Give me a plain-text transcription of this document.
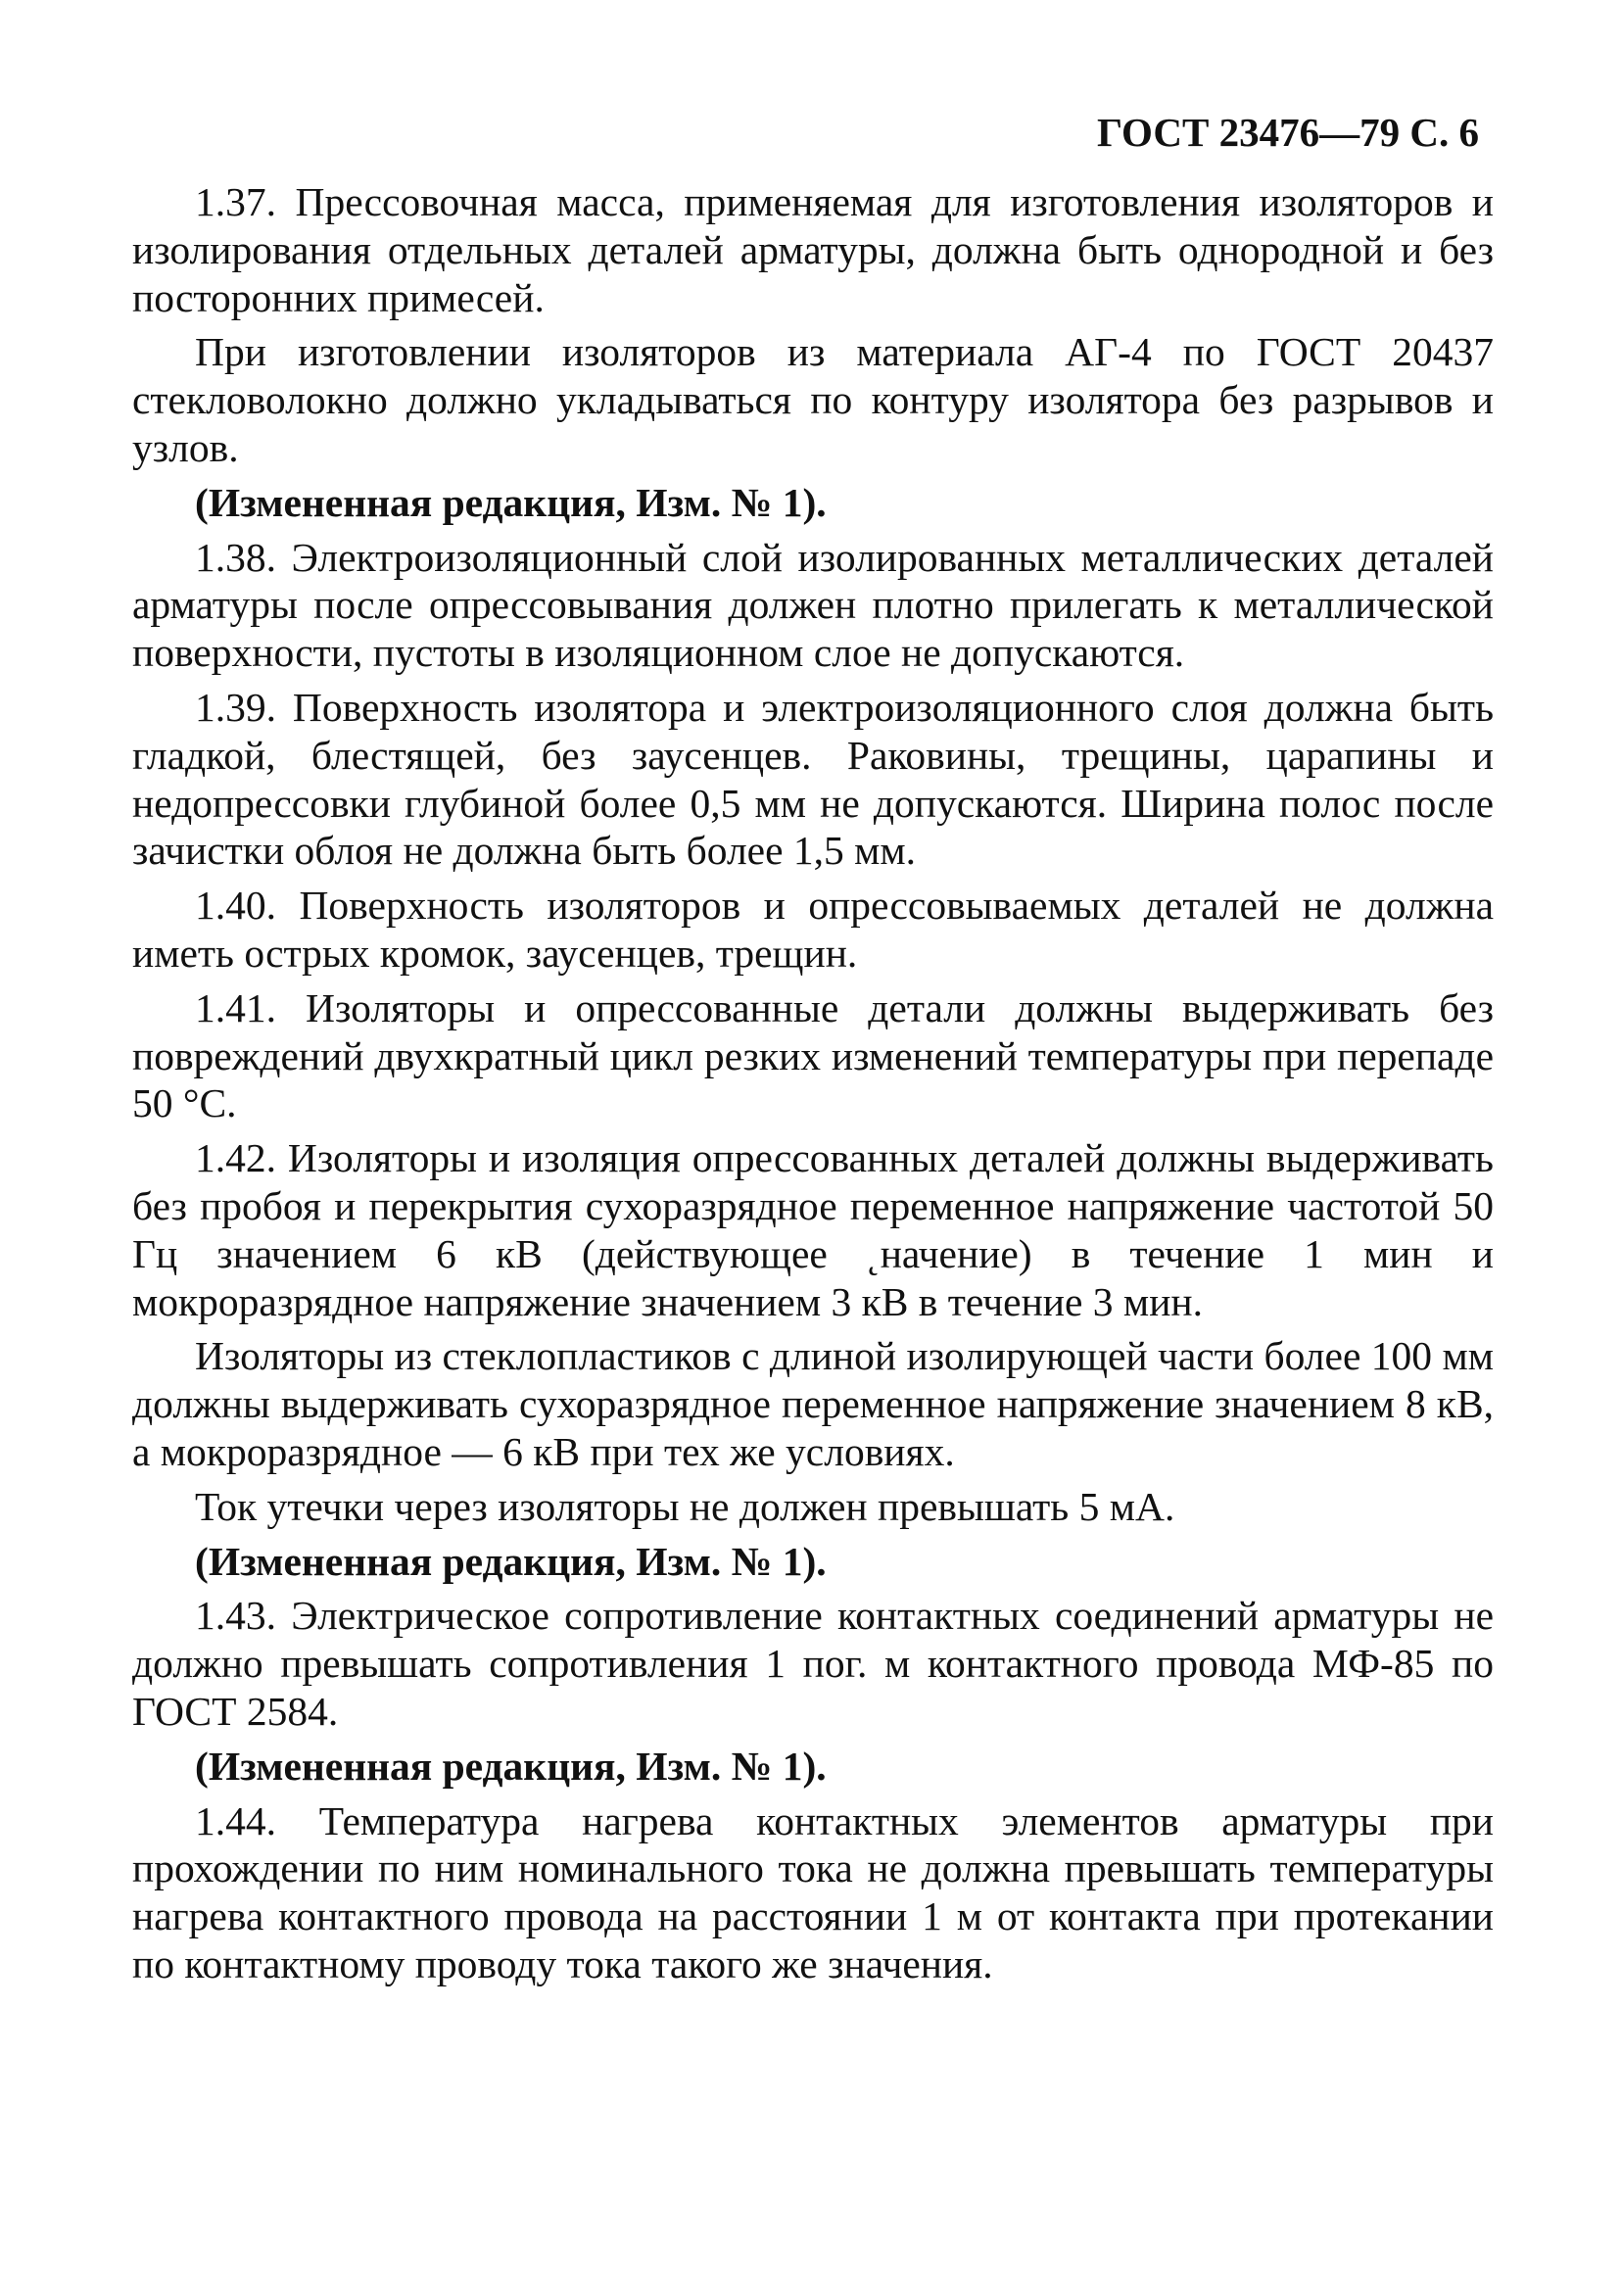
ГОСТ 23476—79 С. 6

1.37. Прессовочная масса, применяемая для изготовления изоляторов и изолирования отдельных деталей арматуры, должна быть однородной и без посторонних примесей.

При изготовлении изоляторов из материала АГ-4 по ГОСТ 20437 стекловолокно должно укладываться по контуру изолятора без разрывов и узлов.

(Измененная редакция, Изм. № 1).

1.38. Электроизоляционный слой изолированных металлических деталей арматуры после опрессовывания должен плотно прилегать к металлической поверхности, пустоты в изоляционном слое не допускаются.

1.39. Поверхность изолятора и электроизоляционного слоя должна быть гладкой, блестящей, без заусенцев. Раковины, трещины, царапины и недопрессовки глубиной более 0,5 мм не допускаются. Ширина полос после зачистки облоя не должна быть более 1,5 мм.

1.40. Поверхность изоляторов и опрессовываемых деталей не должна иметь острых кромок, заусенцев, трещин.

1.41. Изоляторы и опрессованные детали должны выдерживать без повреждений двухкратный цикл резких изменений температуры при перепаде 50 °С.

1.42. Изоляторы и изоляция опрессованных деталей должны выдерживать без пробоя и перекрытия сухоразрядное переменное напряжение частотой 50 Гц значением 6 кВ (действующее ˛начение) в течение 1 мин и мокроразрядное напряжение значением 3 кВ в течение 3 мин.

Изоляторы из стеклопластиков с длиной изолирующей части более 100 мм должны выдерживать сухоразрядное переменное напряжение значением 8 кВ, а мокроразрядное — 6 кВ при тех же условиях.

Ток утечки через изоляторы не должен превышать 5 мА.

(Измененная редакция, Изм. № 1).

1.43. Электрическое сопротивление контактных соединений арматуры не должно превышать сопротивления 1 пог. м контактного провода МФ-85 по ГОСТ 2584.

(Измененная редакция, Изм. № 1).

1.44. Температура нагрева контактных элементов арматуры при прохождении по ним номинального тока не должна превышать температуры нагрева контактного провода на расстоянии 1 м от контакта при протекании по контактному проводу тока такого же значения.
